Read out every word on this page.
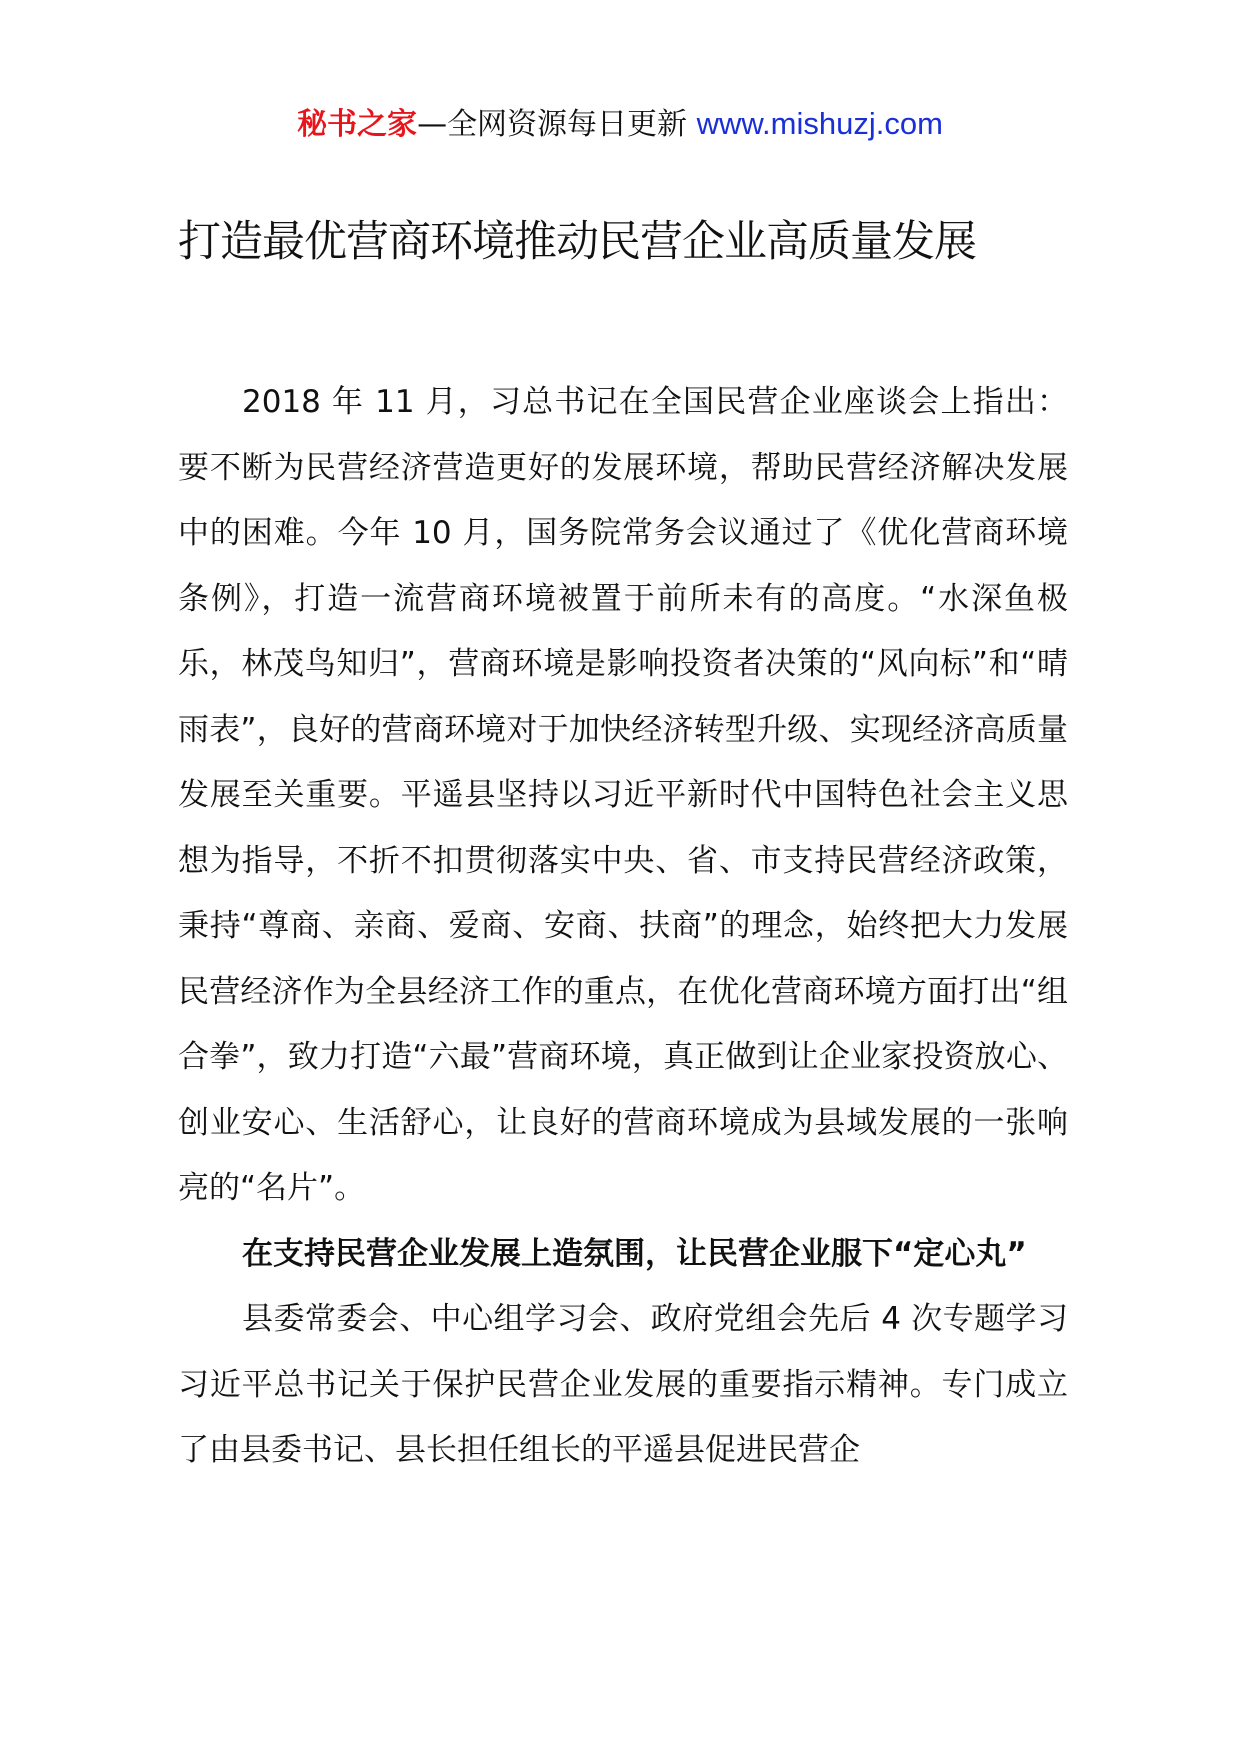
秘书之家—全网资源每日更新 www.mishuzj.com
打造最优营商环境推动民营企业高质量发展

2018 年 11 月，习总书记在全国民营企业座谈会上指出：要不断为民营经济营造更好的发展环境，帮助民营经济解决发展中的困难。今年 10 月，国务院常务会议通过了《优化营商环境条例》，打造一流营商环境被置于前所未有的高度。“水深鱼极乐，林茂鸟知归”，营商环境是影响投资者决策的“风向标”和“晴雨表”，良好的营商环境对于加快经济转型升级、实现经济高质量发展至关重要。平遥县坚持以习近平新时代中国特色社会主义思想为指导，不折不扣贯彻落实中央、省、市支持民营经济政策，秉持“尊商、亲商、爱商、安商、扶商”的理念，始终把大力发展民营经济作为全县经济工作的重点，在优化营商环境方面打出“组合拳”，致力打造“六最”营商环境，真正做到让企业家投资放心、创业安心、生活舒心，让良好的营商环境成为县域发展的一张响亮的“名片”。

在支持民营企业发展上造氛围，让民营企业服下“定心丸”

县委常委会、中心组学习会、政府党组会先后 4 次专题学习习近平总书记关于保护民营企业发展的重要指示精神。专门成立了由县委书记、县长担任组长的平遥县促进民营企
